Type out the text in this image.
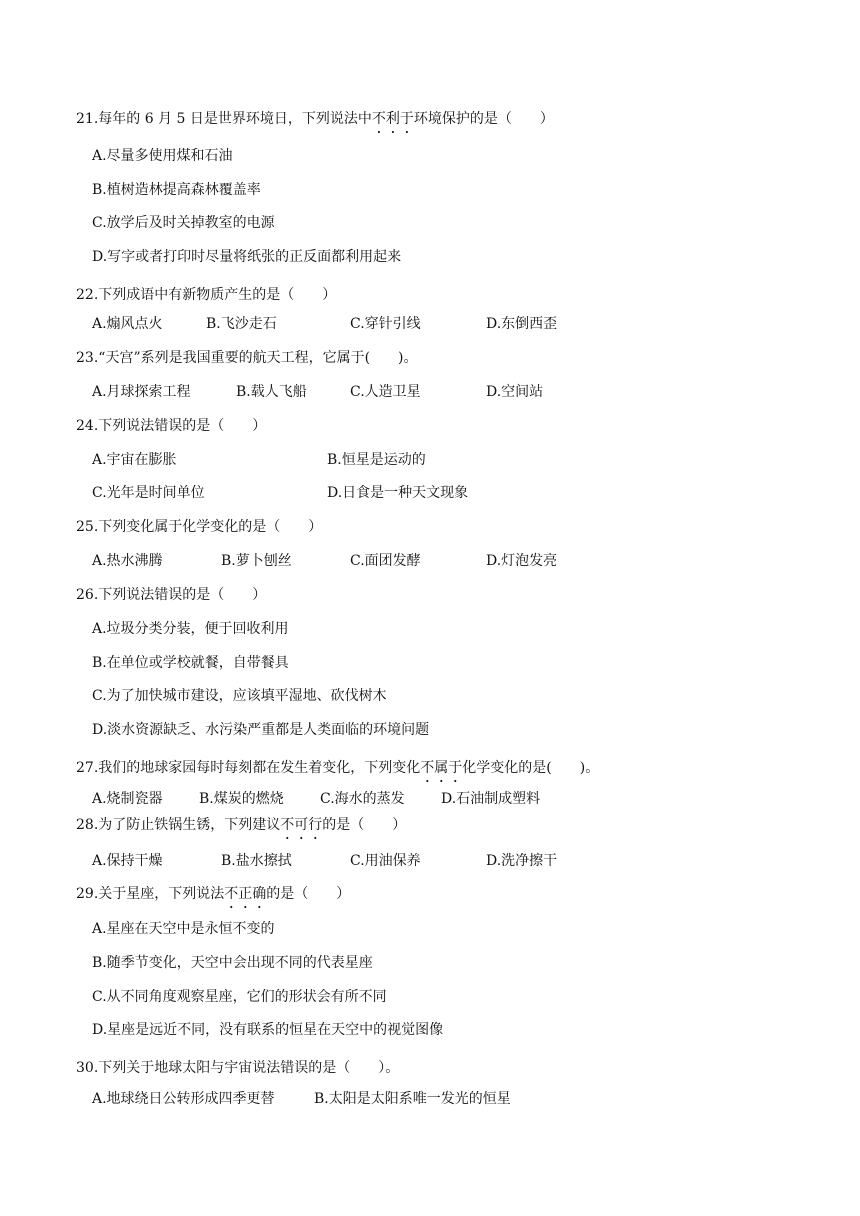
21.每年的 6 月 5 日是世界环境日，下列说法中不利于环境保护的是（　　）
A.尽量多使用煤和石油
B.植树造林提高森林覆盖率
C.放学后及时关掉教室的电源
D.写字或者打印时尽量将纸张的正反面都利用起来
22.下列成语中有新物质产生的是（　　）
A.煽风点火	B.飞沙走石	C.穿针引线	D.东倒西歪
23.“天宫”系列是我国重要的航天工程，它属于(　　)。
A.月球探索工程	B.载人飞船	C.人造卫星	D.空间站
24.下列说法错误的是（　　）
A.宇宙在膨胀	B.恒星是运动的
C.光年是时间单位	D.日食是一种天文现象
25.下列变化属于化学变化的是（　　）
A.热水沸腾	B.萝卜刨丝	C.面团发酵	D.灯泡发亮
26.下列说法错误的是（　　）
A.垃圾分类分装，便于回收利用
B.在单位或学校就餐，自带餐具
C.为了加快城市建设，应该填平湿地、砍伐树木
D.淡水资源缺乏、水污染严重都是人类面临的环境问题
27.我们的地球家园每时每刻都在发生着变化，下列变化不属于化学变化的是(　　)。
A.烧制瓷器	B.煤炭的燃烧	C.海水的蒸发	D.石油制成塑料
28.为了防止铁锅生锈，下列建议不可行的是（　　）
A.保持干燥	B.盐水擦拭	C.用油保养	D.洗净擦干
29.关于星座，下列说法不正确的是（　　）
A.星座在天空中是永恒不变的
B.随季节变化，天空中会出现不同的代表星座
C.从不同角度观察星座，它们的形状会有所不同
D.星座是远近不同，没有联系的恒星在天空中的视觉图像
30.下列关于地球太阳与宇宙说法错误的是（　　）。
A.地球绕日公转形成四季更替	B.太阳是太阳系唯一发光的恒星
